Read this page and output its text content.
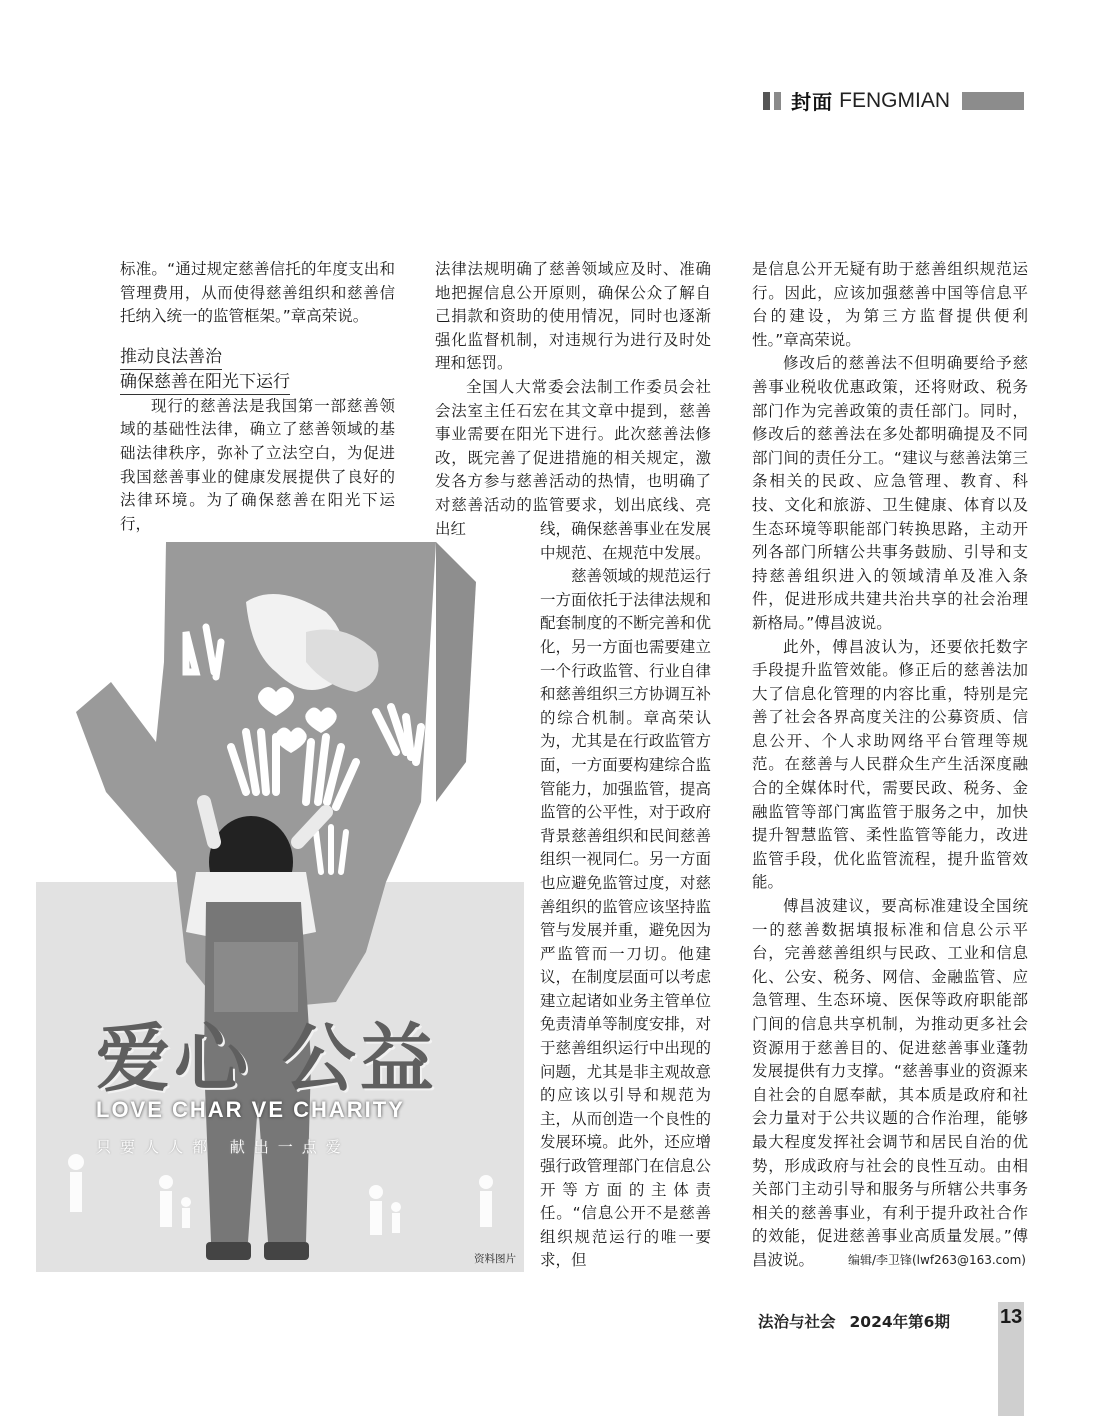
封面 FENGMIAN

标准。“通过规定慈善信托的年度支出和管理费用，从而使得慈善组织和慈善信托纳入统一的监管框架。”章高荣说。

推动良法善治
确保慈善在阳光下运行

现行的慈善法是我国第一部慈善领域的基础性法律，确立了慈善领域的基础法律秩序，弥补了立法空白，为促进我国慈善事业的健康发展提供了良好的法律环境。为了确保慈善在阳光下运行，

法律法规明确了慈善领域应及时、准确地把握信息公开原则，确保公众了解自己捐款和资助的使用情况，同时也逐渐强化监督机制，对违规行为进行及时处理和惩罚。

全国人大常委会法制工作委员会社会法室主任石宏在其文章中提到，慈善事业需要在阳光下进行。此次慈善法修改，既完善了促进措施的相关规定，激发各方参与慈善活动的热情，也明确了对慈善活动的监管要求，划出底线、亮出红	线，确保慈善事业在发展中规范、在规范中发展。

慈善领域的规范运行一方面依托于法律法规和配套制度的不断完善和优化，另一方面也需要建立一个行政监管、行业自律和慈善组织三方协调互补的综合机制。章高荣认为，尤其是在行政监管方面，一方面要构建综合监管能力，加强监管，提高监管的公平性，对于政府背景慈善组织和民间慈善组织一视同仁。另一方面也应避免监管过度，对慈善组织的监管应该坚持监管与发展并重，避免因为严监管而一刀切。他建议，在制度层面可以考虑建立起诸如业务主管单位免责清单等制度安排，对于慈善组织运行中出现的问题，尤其是非主观故意的应该以引导和规范为主，从而创造一个良性的发展环境。此外，还应增强行政管理部门在信息公开等方面的主体责任。“信息公开不是慈善组织规范运行的唯一要求，但

是信息公开无疑有助于慈善组织规范运行。因此，应该加强慈善中国等信息平台的建设，为第三方监督提供便利性。”章高荣说。

修改后的慈善法不但明确要给予慈善事业税收优惠政策，还将财政、税务部门作为完善政策的责任部门。同时，修改后的慈善法在多处都明确提及不同部门间的责任分工。“建议与慈善法第三条相关的民政、应急管理、教育、科技、文化和旅游、卫生健康、体育以及生态环境等职能部门转换思路，主动开列各部门所辖公共事务鼓励、引导和支持慈善组织进入的领域清单及准入条件，促进形成共建共治共享的社会治理新格局。”傅昌波说。

此外，傅昌波认为，还要依托数字手段提升监管效能。修正后的慈善法加大了信息化管理的内容比重，特别是完善了社会各界高度关注的公募资质、信息公开、个人求助网络平台管理等规范。在慈善与人民群众生产生活深度融合的全媒体时代，需要民政、税务、金融监管等部门寓监管于服务之中，加快提升智慧监管、柔性监管等能力，改进监管手段，优化监管流程，提升监管效能。

傅昌波建议，要高标准建设全国统一的慈善数据填报标准和信息公示平台，完善慈善组织与民政、工业和信息化、公安、税务、网信、金融监管、应急管理、生态环境、医保等政府职能部门间的信息共享机制，为推动更多社会资源用于慈善目的、促进慈善事业蓬勃发展提供有力支撑。“慈善事业的资源来自社会的自愿奉献，其本质是政府和社会力量对于公共议题的合作治理，能够最大程度发挥社会调节和居民自治的优势，形成政府与社会的良性互动。由相关部门主动引导和服务与所辖公共事务相关的慈善事业，有利于提升政社合作的效能，促进慈善事业高质量发展。”傅昌波说。

爱心 公益
LOVE CHAR VE CHARITY
只要人人都 献出一点爱
资料图片	编辑/李卫锋(lwf263@163.com)
法治与社会 2024年第6期	13
